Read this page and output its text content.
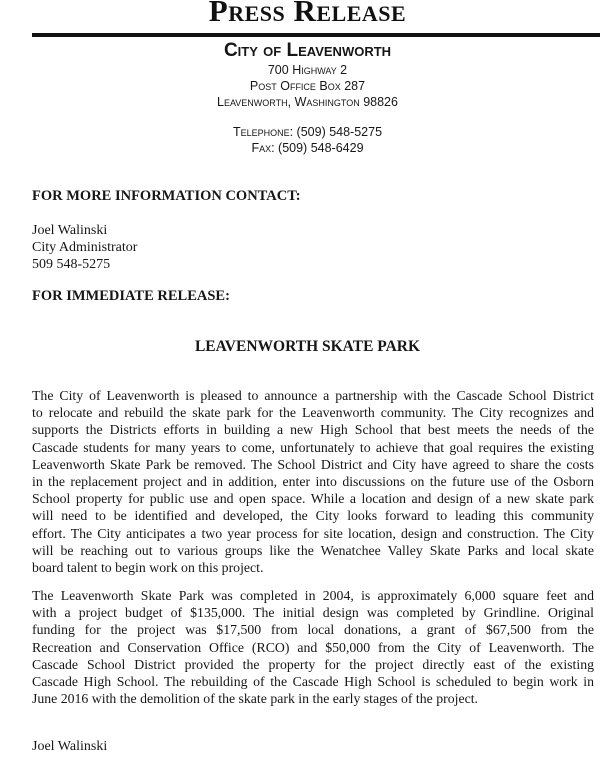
Press Release
City of Leavenworth
700 Highway 2
Post Office Box 287
Leavenworth, Washington 98826
Telephone: (509) 548-5275
Fax: (509) 548-6429
FOR MORE INFORMATION CONTACT:
Joel Walinski
City Administrator
509 548-5275
FOR IMMEDIATE RELEASE:
LEAVENWORTH SKATE PARK
The City of Leavenworth is pleased to announce a partnership with the Cascade School District
to relocate and rebuild the skate park for the Leavenworth community. The City recognizes and
supports the Districts efforts in building a new High School that best meets the needs of the
Cascade students for many years to come, unfortunately to achieve that goal requires the existing
Leavenworth Skate Park be removed. The School District and City have agreed to share the costs
in the replacement project and in addition, enter into discussions on the future use of the Osborn
School property for public use and open space. While a location and design of a new skate park
will need to be identified and developed, the City looks forward to leading this community
effort. The City anticipates a two year process for site location, design and construction. The City
will be reaching out to various groups like the Wenatchee Valley Skate Parks and local skate
board talent to begin work on this project.
The Leavenworth Skate Park was completed in 2004, is approximately 6,000 square feet and
with a project budget of $135,000. The initial design was completed by Grindline. Original
funding for the project was $17,500 from local donations, a grant of $67,500 from the
Recreation and Conservation Office (RCO) and $50,000 from the City of Leavenworth. The
Cascade School District provided the property for the project directly east of the existing
Cascade High School. The rebuilding of the Cascade High School is scheduled to begin work in
June 2016 with the demolition of the skate park in the early stages of the project.
Joel Walinski
